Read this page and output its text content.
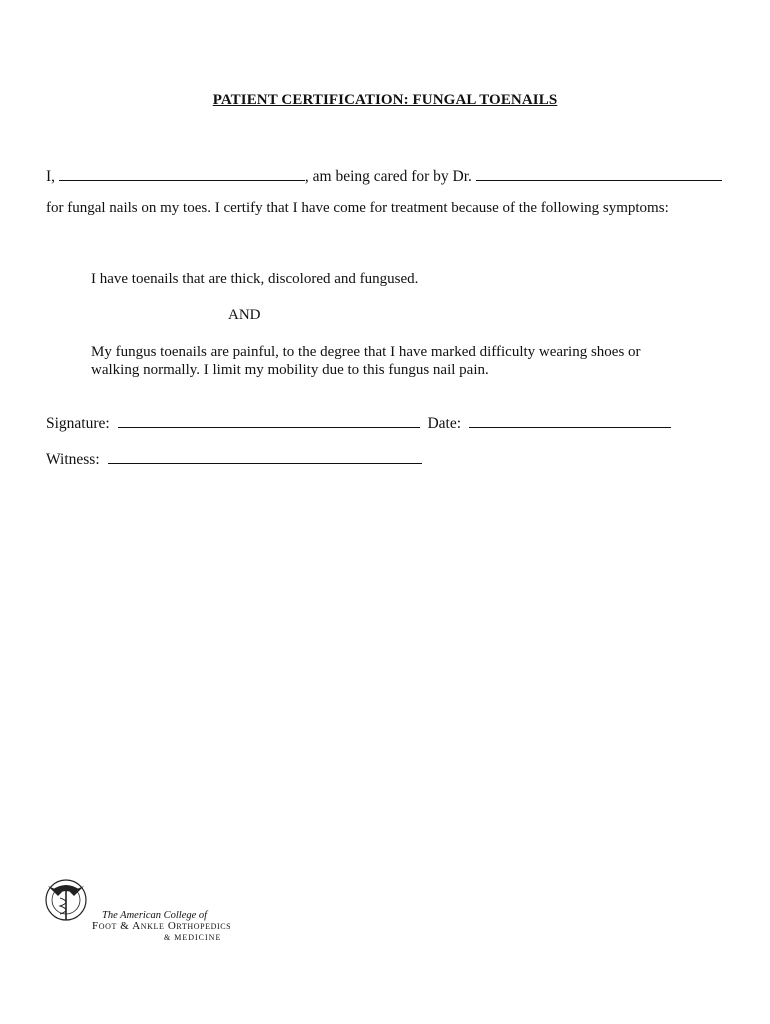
PATIENT CERTIFICATION: FUNGAL TOENAILS
I,	, am being cared for by Dr.
for fungal nails on my toes. I certify that I have come for treatment because of the following symptoms:
I have toenails that are thick, discolored and fungused.
AND
My fungus toenails are painful, to the degree that I have marked difficulty wearing shoes or walking normally. I limit my mobility due to this fungus nail pain.
Signature:	Date:
Witness:
The American College of
Foot & Ankle Orthopedics
& MEDICINE
